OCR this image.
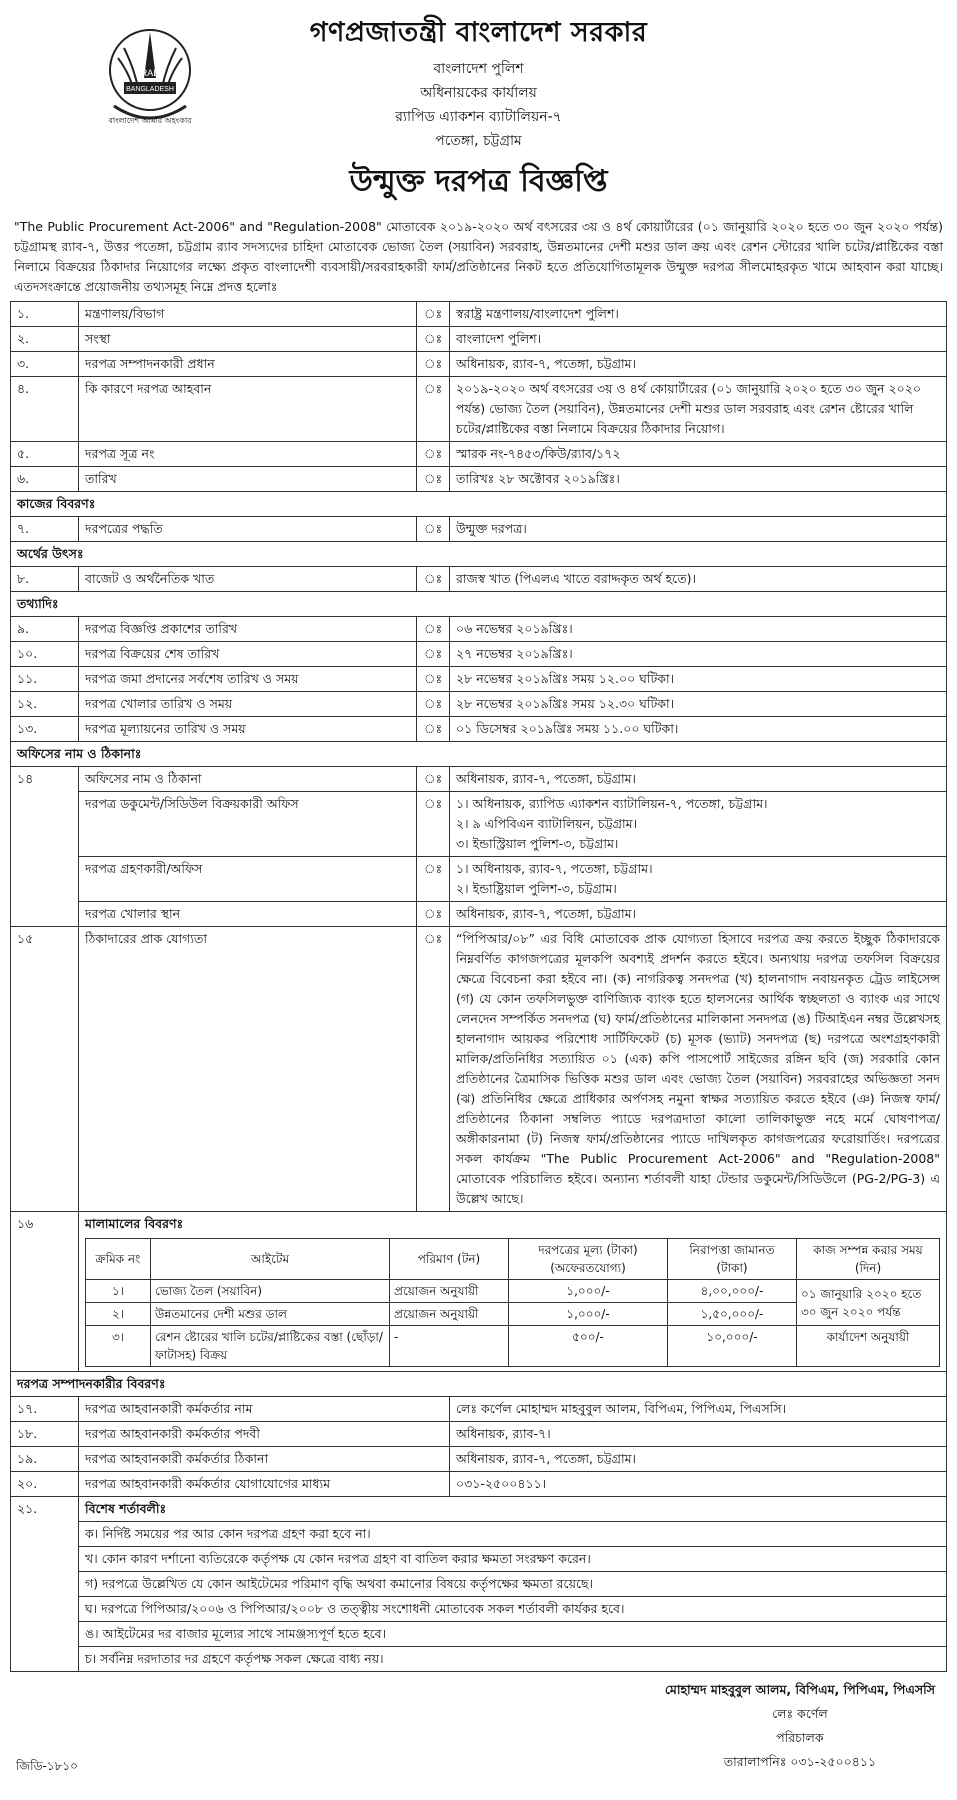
RAB
BANGLADESH
বাংলাদেশ আমার অহংকার
গণপ্রজাতন্ত্রী বাংলাদেশ সরকার
বাংলাদেশ পুলিশ
অধিনায়কের কার্যালয়
র‍্যাপিড এ্যাকশন ব্যাটালিয়ন-৭
পতেঙ্গা, চট্টগ্রাম
উন্মুক্ত দরপত্র বিজ্ঞপ্তি
"The Public Procurement Act-2006" and "Regulation-2008" মোতাবেক ২০১৯-২০২০ অর্থ বৎসরের ৩য় ও ৪র্থ কোয়ার্টারের (০১ জানুয়ারি ২০২০ হতে ৩০ জুন ২০২০ পর্যন্ত) চট্টগ্রামস্থ র‍্যাব-৭, উত্তর পতেঙ্গা, চট্টগ্রাম র‍্যাব সদস্যদের চাহিদা মোতাবেক ভোজ্য তৈল (সয়াবিন) সরবরাহ, উন্নতমানের দেশী মশুর ডাল ক্রয় এবং রেশন স্টোরের খালি চটের/প্লাষ্টিকের বস্তা নিলামে বিক্রয়ের ঠিকাদার নিয়োগের লক্ষ্যে প্রকৃত বাংলাদেশী ব্যবসায়ী/সরবরাহকারী ফার্ম/প্রতিষ্ঠানের নিকট হতে প্রতিযোগিতামূলক উন্মুক্ত দরপত্র সীলমোহরকৃত খামে আহবান করা যাচ্ছে। এতদসংক্রান্তে প্রয়োজনীয় তথ্যসমূহ নিম্নে প্রদত্ত হলোঃ
১.	মন্ত্রণালয়/বিভাগ	ঃ	স্বরাষ্ট্র মন্ত্রণালয়/বাংলাদেশ পুলিশ।
২.	সংস্থা	ঃ	বাংলাদেশ পুলিশ।
৩.	দরপত্র সম্পাদনকারী প্রধান	ঃ	অধিনায়ক, র‍্যাব-৭, পতেঙ্গা, চট্টগ্রাম।
৪.	কি কারণে দরপত্র আহবান	ঃ	২০১৯-২০২০ অর্থ বৎসরের ৩য় ও ৪র্থ কোয়ার্টারের (০১ জানুয়ারি ২০২০ হতে ৩০ জুন ২০২০ পর্যন্ত) ভোজ্য তৈল (সয়াবিন), উন্নতমানের দেশী মশুর ডাল সরবরাহ এবং রেশন ষ্টোরের খালি চটের/প্লাষ্টিকের বস্তা নিলামে বিক্রয়ের ঠিকাদার নিয়োগ।
৫.	দরপত্র সূত্র নং	ঃ	স্মারক নং-৭৪৫৩/কিউ/র‍্যাব/১৭২
৬.	তারিখ	ঃ	তারিখঃ ২৮ অক্টোবর ২০১৯খ্রিঃ।
কাজের বিবরণঃ
৭.	দরপত্রের পদ্ধতি	ঃ	উন্মুক্ত দরপত্র।
অর্থের উৎসঃ
৮.	বাজেট ও অর্থনৈতিক খাত	ঃ	রাজস্ব খাত (পিএলএ খাতে বরাদ্দকৃত অর্থ হতে)।
তথ্যাদিঃ
৯.	দরপত্র বিজ্ঞপ্তি প্রকাশের তারিখ	ঃ	০৬ নভেম্বর ২০১৯খ্রিঃ।
১০.	দরপত্র বিক্রয়ের শেষ তারিখ	ঃ	২৭ নভেম্বর ২০১৯খ্রিঃ।
১১.	দরপত্র জমা প্রদানের সর্বশেষ তারিখ ও সময়	ঃ	২৮ নভেম্বর ২০১৯খ্রিঃ সময় ১২.০০ ঘটিকা।
১২.	দরপত্র খোলার তারিখ ও সময়	ঃ	২৮ নভেম্বর ২০১৯খ্রিঃ সময় ১২.৩০ ঘটিকা।
১৩.	দরপত্র মূল্যায়নের তারিখ ও সময়	ঃ	০১ ডিসেম্বর ২০১৯খ্রিঃ সময় ১১.০০ ঘটিকা।
অফিসের নাম ও ঠিকানাঃ
১৪	অফিসের নাম ও ঠিকানা	ঃ	অধিনায়ক, র‍্যাব-৭, পতেঙ্গা, চট্টগ্রাম।
দরপত্র ডকুমেন্ট/সিডিউল বিক্রয়কারী অফিস	ঃ	১। অধিনায়ক, র‍্যাপিড এ্যাকশন ব্যাটালিয়ন-৭, পতেঙ্গা, চট্টগ্রাম।
২। ৯ এপিবিএন ব্যাটালিয়ন, চট্টগ্রাম।
৩। ইন্ডাস্ট্রিয়াল পুলিশ-৩, চট্টগ্রাম।

দরপত্র গ্রহণকারী/অফিস	ঃ	১। অধিনায়ক, র‍্যাব-৭, পতেঙ্গা, চট্টগ্রাম।
২। ইন্ডাষ্ট্রিয়াল পুলিশ-৩, চট্টগ্রাম।

দরপত্র খোলার স্থান	ঃ	অধিনায়ক, র‍্যাব-৭, পতেঙ্গা, চট্টগ্রাম।
১৫	ঠিকাদারের প্রাক যোগ্যতা	ঃ	“পিপিআর/০৮” এর বিধি মোতাবেক প্রাক যোগ্যতা হিসাবে দরপত্র ক্রয় করতে ইচ্ছুক ঠিকাদারকে নিম্নবর্ণিত কাগজপত্রের মূলকপি অবশ্যই প্রদর্শন করতে হইবে। অন্যথায় দরপত্র তফসিল বিক্রয়ের ক্ষেত্রে বিবেচনা করা হইবে না। (ক) নাগরিকত্ব সনদপত্র (খ) হালনাগাদ নবায়নকৃত ট্রেড লাইসেন্স (গ) যে কোন তফসিলভুক্ত বাণিজ্যিক ব্যাংক হতে হালসনের আর্থিক স্বচ্ছলতা ও ব্যাংক এর সাথে লেনদেন সম্পর্কিত সনদপত্র (ঘ) ফার্ম/প্রতিষ্ঠানের মালিকানা সনদপত্র (ঙ) টিআইএন নম্বর উল্লেখসহ হালনাগাদ আয়কর পরিশোধ সার্টিফিকেট (চ) মূসক (ভ্যাট) সনদপত্র (ছ) দরপত্রে অংশগ্রহণকারী মালিক/প্রতিনিধির সত্যায়িত ০১ (এক) কপি পাসপোর্ট সাইজের রঙ্গিন ছবি (জ) সরকারি কোন প্রতিষ্ঠানের ত্রৈমাসিক ভিত্তিক মশুর ডাল এবং ভোজ্য তৈল (সয়াবিন) সরবরাহের অভিজ্ঞতা সনদ (ঝ) প্রতিনিধির ক্ষেত্রে প্রাধিকার অর্পণসহ নমুনা স্বাক্ষর সত্যায়িত করতে হইবে (ঞ) নিজস্ব ফার্ম/প্রতিষ্ঠানের ঠিকানা সম্বলিত প্যাডে দরপত্রদাতা কালো তালিকাভুক্ত নহে মর্মে ঘোষণাপত্র/অঙ্গীকারনামা (ট) নিজস্ব ফার্ম/প্রতিষ্ঠানের প্যাডে দাখিলকৃত কাগজপত্রের ফরোয়ার্ডিং। দরপত্রের সকল কার্যক্রম "The Public Procurement Act-2006" and "Regulation-2008" মোতাবেক পরিচালিত হইবে। অন্যান্য শর্তাবলী যাহা টেন্ডার ডকুমেন্ট/সিডিউলে (PG-2/PG-3) এ উল্লেখ আছে।
১৬	মালামালের বিবরণঃ
ক্রমিক নং	আইটেম	পরিমাণ (টন)	দরপত্রের মূল্য (টাকা) (অফেরতযোগ্য)	নিরাপত্তা জামানত (টাকা)	কাজ সম্পন্ন করার সময় (দিন)
১।	ভোজ্য তৈল (সয়াবিন)	প্রয়োজন অনুযায়ী	১,০০০/-	৪,০০,০০০/-	০১ জানুয়ারি ২০২০ হতে ৩০ জুন ২০২০ পর্যন্ত
২।	উন্নতমানের দেশী মশুর ডাল	প্রয়োজন অনুযায়ী	১,০০০/-	১,৫০,০০০/-
৩।	রেশন ষ্টোরের খালি চটের/প্লাষ্টিকের বস্তা (ছোঁড়া/ফাটাসহ) বিক্রয়	-	৫০০/-	১০,০০০/-	কার্যাদেশ অনুযায়ী

দরপত্র সম্পাদনকারীর বিবরণঃ
১৭.	দরপত্র আহবানকারী কর্মকর্তার নাম	লেঃ কর্ণেল মোহাম্মদ মাহবুবুল আলম, বিপিএম, পিপিএম, পিএসসি।
১৮.	দরপত্র আহবানকারী কর্মকর্তার পদবী	অধিনায়ক, র‍্যাব-৭।
১৯.	দরপত্র আহবানকারী কর্মকর্তার ঠিকানা	অধিনায়ক, র‍্যাব-৭, পতেঙ্গা, চট্টগ্রাম।
২০.	দরপত্র আহবানকারী কর্মকর্তার যোগাযোগের মাধ্যম	০৩১-২৫০০৪১১।
২১.	বিশেষ শর্তাবলীঃ
ক। নির্দিষ্ট সময়ের পর আর কোন দরপত্র গ্রহণ করা হবে না।
খ। কোন কারণ দর্শানো ব্যতিরেকে কর্তৃপক্ষ যে কোন দরপত্র গ্রহণ বা বাতিল করার ক্ষমতা সংরক্ষণ করেন।
গ) দরপত্রে উল্লেখিত যে কোন আইটেমের পরিমাণ বৃদ্ধি অথবা কমানোর বিষয়ে কর্তৃপক্ষের ক্ষমতা রয়েছে।
ঘ। দরপত্রে পিপিআর/২০০৬ ও পিপিআর/২০০৮ ও তত্ত্বীয় সংশোধনী মোতাবেক সকল শর্তাবলী কার্যকর হবে।
ঙ। আইটেমের দর বাজার মূল্যের সাথে সামঞ্জস্যপূর্ণ হতে হবে।
চ। সর্বনিম্ন দরদাতার দর গ্রহণে কর্তৃপক্ষ সকল ক্ষেত্রে বাধ্য নয়।
মোহাম্মদ মাহবুবুল আলম, বিপিএম, পিপিএম, পিএসসি
লেঃ কর্ণেল
পরিচালক
তারালাপনিঃ ০৩১-২৫০০৪১১
জিডি-১৮১০
